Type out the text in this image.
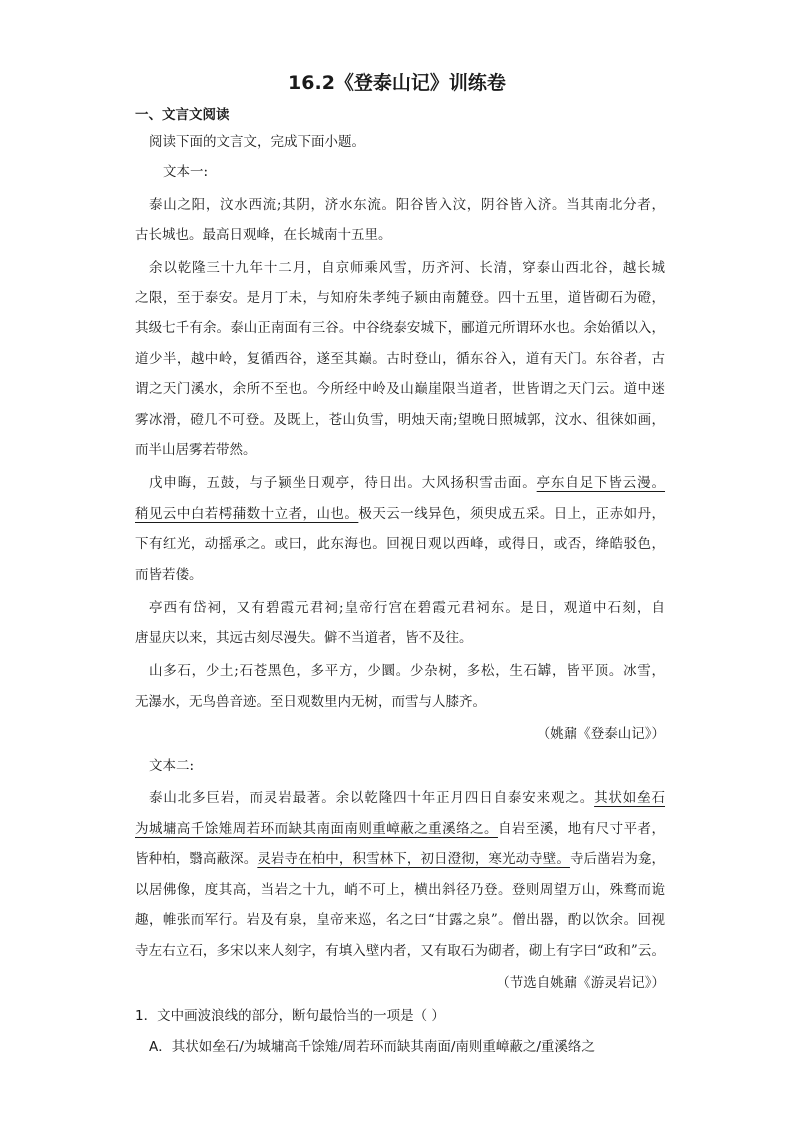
16.2《登泰山记》训练卷
一、文言文阅读
阅读下面的文言文，完成下面小题。
文本一:
泰山之阳，汶水西流;其阴，济水东流。阳谷皆入汶，阴谷皆入济。当其南北分者，
古长城也。最高日观峰，在长城南十五里。
余以乾隆三十九年十二月，自京师乘风雪，历齐河、长清，穿泰山西北谷，越长城
之限，至于泰安。是月丁未，与知府朱孝纯子颍由南麓登。四十五里，道皆砌石为磴，
其级七千有余。泰山正南面有三谷。中谷绕泰安城下，郦道元所谓环水也。余始循以入，
道少半，越中岭，复循西谷，遂至其巅。古时登山，循东谷入，道有天门。东谷者，古
谓之天门溪水，余所不至也。今所经中岭及山巅崖限当道者，世皆谓之天门云。道中迷
雾冰滑，磴几不可登。及既上，苍山负雪，明烛天南;望晚日照城郭，汶水、徂徕如画，
而半山居雾若带然。
戊申晦，五鼓，与子颍坐日观亭，待日出。大风扬积雪击面。亭东自足下皆云漫。
稍见云中白若樗蒱数十立者，山也。极天云一线异色，须臾成五采。日上，正赤如丹，
下有红光，动摇承之。或曰，此东海也。回视日观以西峰，或得日，或否，绛皓驳色，
而皆若偻。
亭西有岱祠，又有碧霞元君祠;皇帝行宫在碧霞元君祠东。是日，观道中石刻，自
唐显庆以来，其远古刻尽漫失。僻不当道者，皆不及往。
山多石，少土;石苍黑色，多平方，少圜。少杂树，多松，生石罅，皆平顶。冰雪，
无瀑水，无鸟兽音迹。至日观数里内无树，而雪与人膝齐。
（姚鼐《登泰山记》）
文本二:
泰山北多巨岩，而灵岩最著。余以乾隆四十年正月四日自泰安来观之。其状如垒石
为城墉高千馀雉周若环而缺其南面南则重嶂蔽之重溪络之。自岩至溪，地有尺寸平者，
皆种柏，翳高蔽深。灵岩寺在柏中，积雪林下，初日澄彻，寒光动寺壁。寺后凿岩为龛，
以居佛像，度其高，当岩之十九，峭不可上，横出斜径乃登。登则周望万山，殊鹜而诡
趣，帷张而军行。岩及有泉，皇帝来巡，名之曰“甘露之泉”。僧出器，酌以饮余。回视
寺左右立石，多宋以来人刻字，有填入壁内者，又有取石为砌者，砌上有字曰“政和”云。
（节选自姚鼐《游灵岩记》）
1．文中画波浪线的部分，断句最恰当的一项是（ ）
A．其状如垒石/为城墉高千馀雉/周若环而缺其南面/南则重嶂蔽之/重溪络之
